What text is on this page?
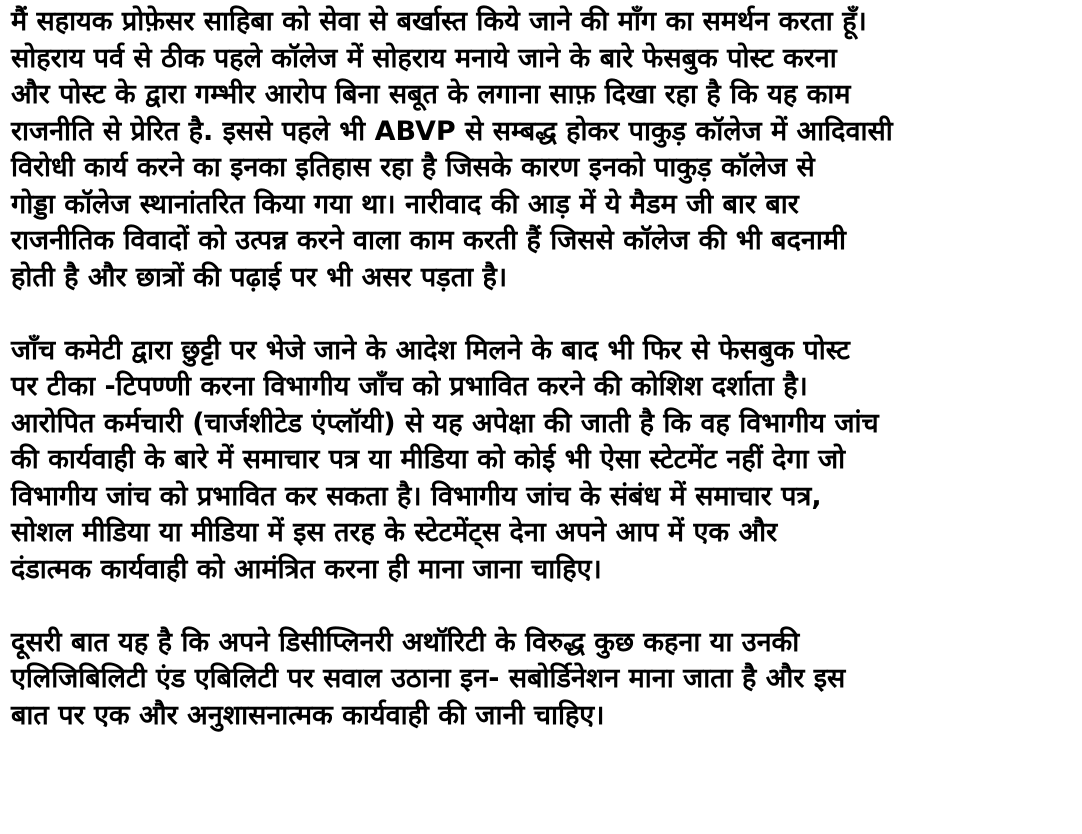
मैं सहायक प्रोफ़ेसर साहिबा को सेवा से बर्खास्त किये जाने की माँग का समर्थन करता हूँ।
सोहराय पर्व से ठीक पहले कॉलेज में सोहराय मनाये जाने के बारे फेसबुक पोस्ट करना
और पोस्ट के द्वारा गम्भीर आरोप बिना सबूत के लगाना साफ़ दिखा रहा है कि यह काम
राजनीति से प्रेरित है. इससे पहले भी ABVP से सम्बद्ध होकर पाकुड़ कॉलेज में आदिवासी
विरोधी कार्य करने का इनका इतिहास रहा है जिसके कारण इनको पाकुड़ कॉलेज से
गोड्डा कॉलेज स्थानांतरित किया गया था। नारीवाद की आड़ में ये मैडम जी बार बार
राजनीतिक विवादों को उत्पन्न करने वाला काम करती हैं जिससे कॉलेज की भी बदनामी
होती है और छात्रों की पढ़ाई पर भी असर पड़ता है।
जाँच कमेटी द्वारा छुट्टी पर भेजे जाने के आदेश मिलने के बाद भी फिर से फेसबुक पोस्ट
पर टीका -टिपण्णी करना विभागीय जाँच को प्रभावित करने की कोशिश दर्शाता है।
आरोपित कर्मचारी (चार्जशीटेड एंप्लॉयी) से यह अपेक्षा की जाती है कि वह विभागीय जांच
की कार्यवाही के बारे में समाचार पत्र या मीडिया को कोई भी ऐसा स्टेटमेंट नहीं देगा जो
विभागीय जांच को प्रभावित कर सकता है। विभागीय जांच के संबंध में समाचार पत्र,
सोशल मीडिया या मीडिया में इस तरह के स्टेटमेंट्स देना अपने आप में एक और
दंडात्मक कार्यवाही को आमंत्रित करना ही माना जाना चाहिए।
दूसरी बात यह है कि अपने डिसीप्लिनरी अथॉरिटी के विरुद्ध कुछ कहना या उनकी
एलिजिबिलिटी एंड एबिलिटी पर सवाल उठाना इन- सबोर्डिनेशन माना जाता है और इस
बात पर एक और अनुशासनात्मक कार्यवाही की जानी चाहिए।
